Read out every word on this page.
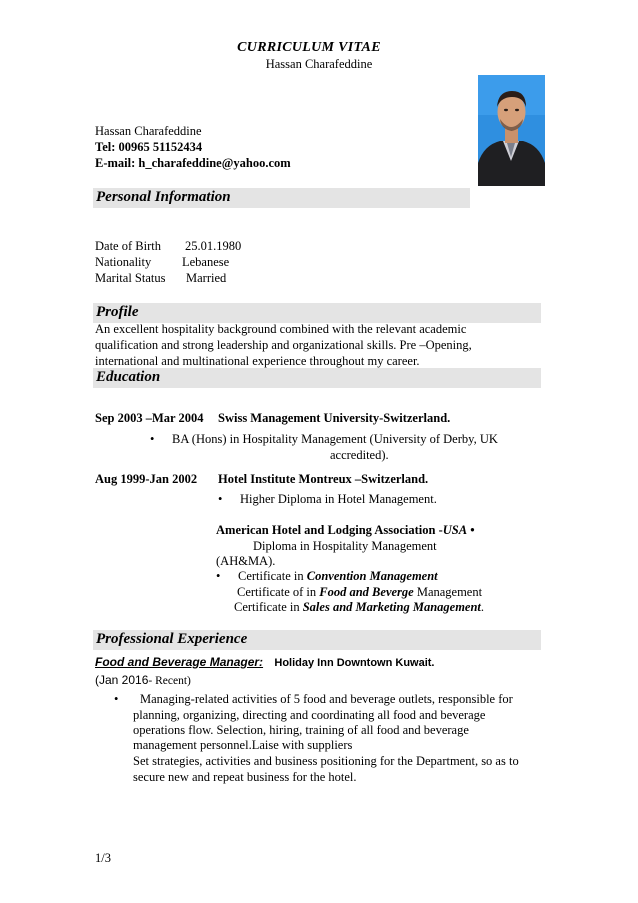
CURRICULUM VITAE
Hassan Charafeddine
Hassan Charafeddine
Tel: 00965 51152434
E-mail: h_charafeddine@yahoo.com
Personal Information
Date of Birth 25.01.1980
Nationality Lebanese
Marital Status Married
Profile
An excellent hospitality background combined with the relevant academic
qualification and strong leadership and organizational skills. Pre –Opening,
international and multinational experience throughout my career.
Education
Sep 2003 –Mar 2004 Swiss Management University-Switzerland.
• BA (Hons) in Hospitality Management (University of Derby, UK
accredited).
Aug 1999-Jan 2002 Hotel Institute Montreux –Switzerland.
• Higher Diploma in Hotel Management.
American Hotel and Lodging Association -USA •
Diploma in Hospitality Management
(AH&MA).
• Certificate in Convention Management
Certificate of in Food and Beverge Management
Certificate in Sales and Marketing Management.
Professional Experience
Food and Beverage Manager: Holiday Inn Downtown Kuwait.
(Jan 2016- Recent)
• Managing-related activities of 5 food and beverage outlets, responsible for
planning, organizing, directing and coordinating all food and beverage
operations flow. Selection, hiring, training of all food and beverage
management personnel.Laise with suppliers
Set strategies, activities and business positioning for the Department, so as to
secure new and repeat business for the hotel.
1/3
